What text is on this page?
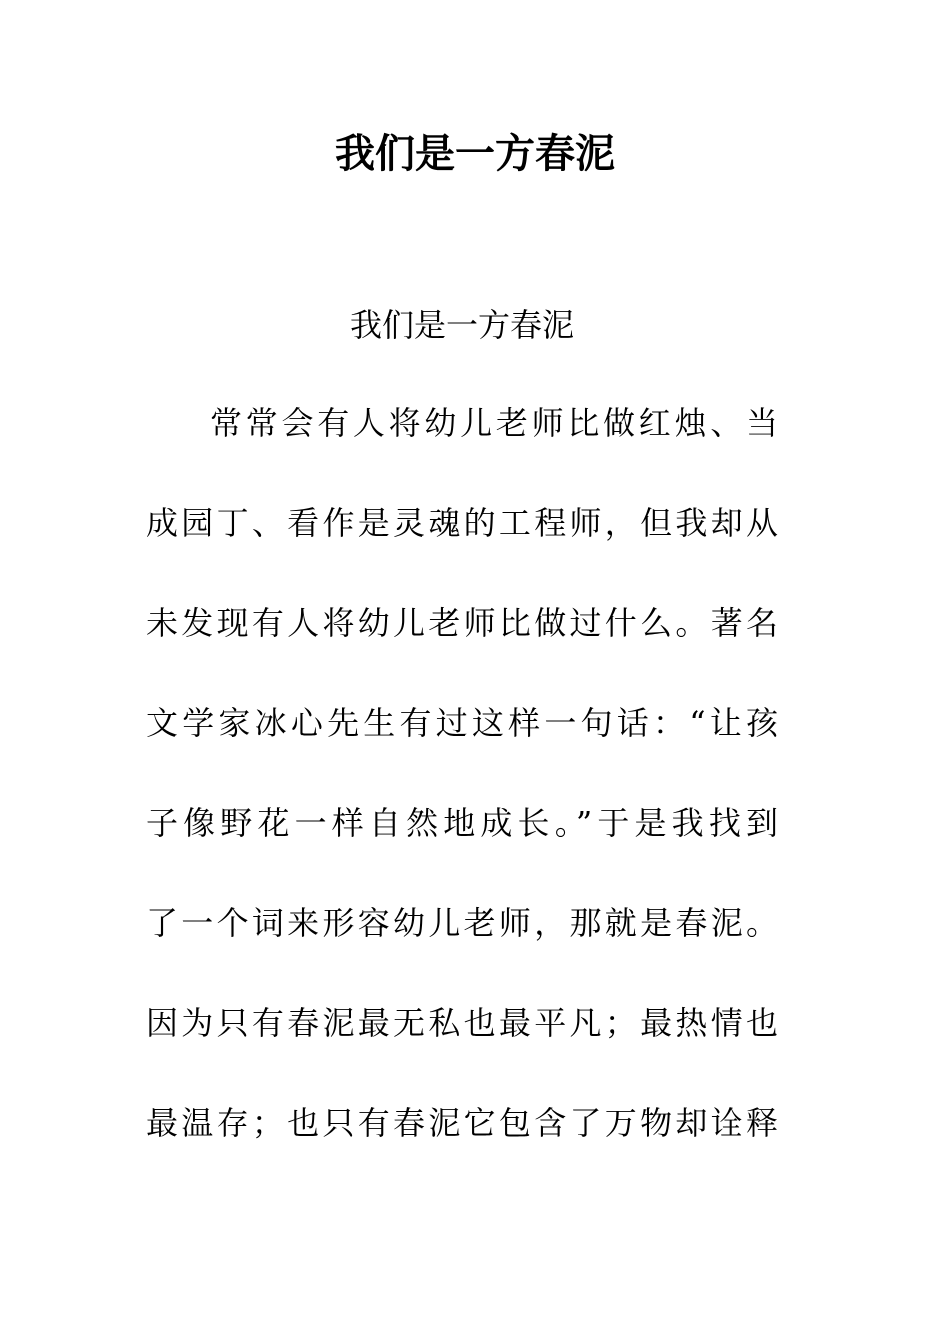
我们是一方春泥

我们是一方春泥

常常会有人将幼儿老师比做红烛、当

成园丁、看作是灵魂的工程师，但我却从

未发现有人将幼儿老师比做过什么。著名

文学家冰心先生有过这样一句话：“让孩

子像野花一样自然地成长。”于是我找到

了一个词来形容幼儿老师，那就是春泥。

因为只有春泥最无私也最平凡；最热情也

最温存；也只有春泥它包含了万物却诠释
